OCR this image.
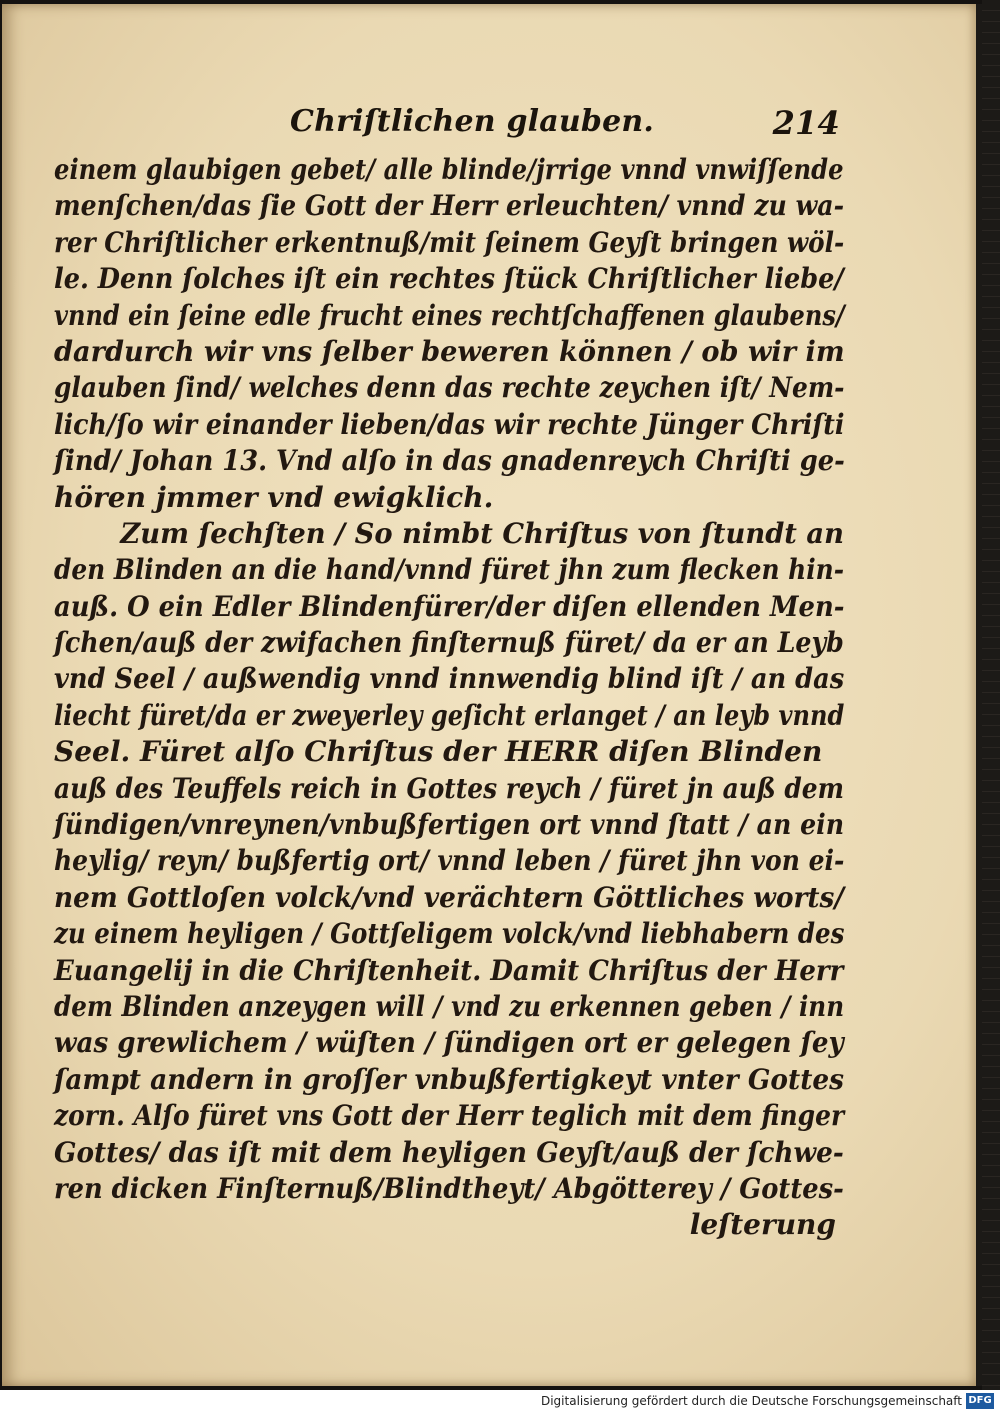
Chriſtlichen glauben.	214
einem glaubigen gebet/ alle blinde/jrrige vnnd vnwiſſende
menſchen/das ſie Gott der Herr erleuchten/ vnnd zu wa-
rer Chriſtlicher erkentnuß/mit ſeinem Geyſt bringen wöl-
le. Denn ſolches iſt ein rechtes ſtück Chriſtlicher liebe/
vnnd ein ſeine edle frucht eines rechtſchaffenen glaubens/
dardurch wir vns ſelber beweren können / ob wir im
glauben ſind/ welches denn das rechte zeychen iſt/ Nem-
lich/ſo wir einander lieben/das wir rechte Jünger Chriſti
ſind/ Johan 13. Vnd alſo in das gnadenreych Chriſti ge-
hören jmmer vnd ewigklich.
Zum ſechſten / So nimbt Chriſtus von ſtundt an
den Blinden an die hand/vnnd füret jhn zum flecken hin-
auß. O ein Edler Blindenfürer/der diſen ellenden Men-
ſchen/auß der zwifachen finſternuß füret/ da er an Leyb
vnd Seel / außwendig vnnd innwendig blind iſt / an das
liecht füret/da er zweyerley geſicht erlanget / an leyb vnnd
Seel. Füret alſo Chriſtus der HERR diſen Blinden
auß des Teuffels reich in Gottes reych / füret jn auß dem
ſündigen/vnreynen/vnbußfertigen ort vnnd ſtatt / an ein
heylig/ reyn/ bußfertig ort/ vnnd leben / füret jhn von ei-
nem Gottloſen volck/vnd verächtern Göttliches worts/
zu einem heyligen / Gottſeligem volck/vnd liebhabern des
Euangelij in die Chriſtenheit. Damit Chriſtus der Herr
dem Blinden anzeygen will / vnd zu erkennen geben / inn
was grewlichem / wüſten / ſündigen ort er gelegen ſey
ſampt andern in groſſer vnbußfertigkeyt vnter Gottes
zorn. Alſo füret vns Gott der Herr teglich mit dem finger
Gottes/ das iſt mit dem heyligen Geyſt/auß der ſchwe-
ren dicken Finſternuß/Blindtheyt/ Abgötterey / Gottes-
leſterung
Digitalisierung gefördert durch die Deutsche Forschungsgemeinschaft DFG
